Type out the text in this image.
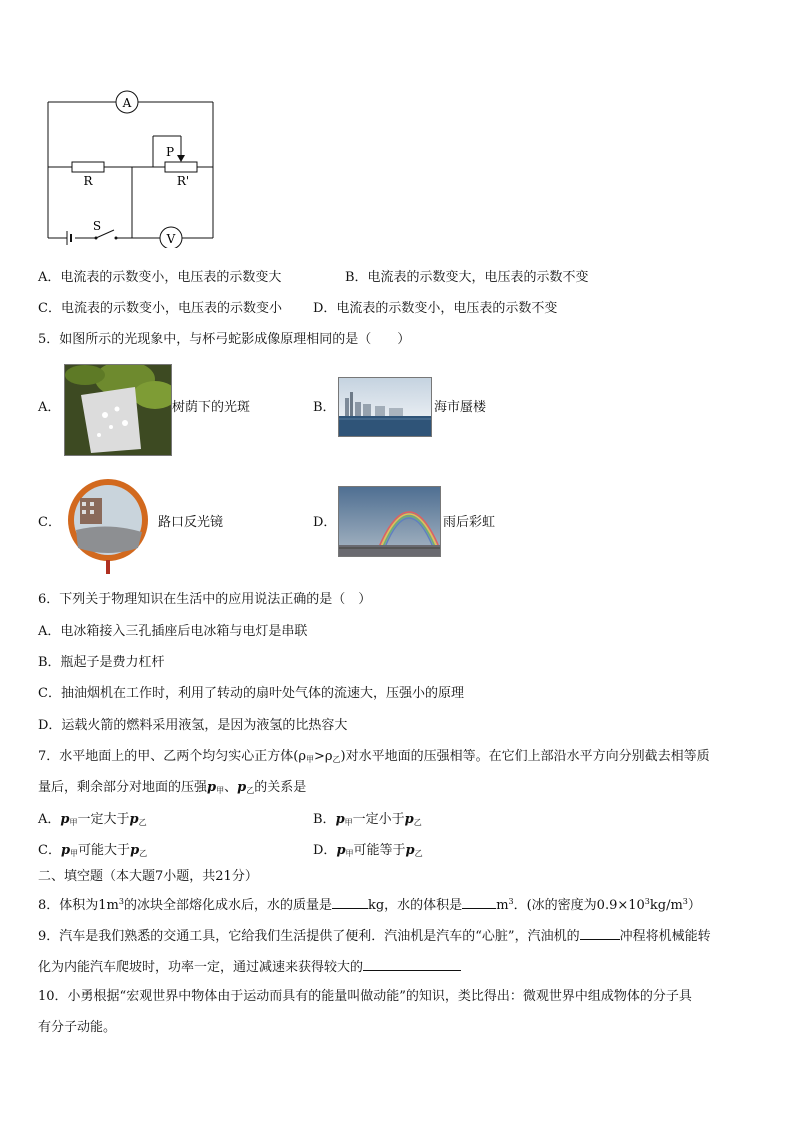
A
V
R	R'
P
S
A．电流表的示数变小，电压表的示数变大	B．电流表的示数变大，电压表的示数不变
C．电流表的示数变小，电压表的示数变小 D．电流表的示数变小，电压表的示数不变
5．如图所示的光现象中，与杯弓蛇影成像原理相同的是（　　）
A．	树荫下的光斑	B．	海市蜃楼
C．	路口反光镜	D．	雨后彩虹
6．下列关于物理知识在生活中的应用说法正确的是（　）
A．电冰箱接入三孔插座后电冰箱与电灯是串联
B．瓶起子是费力杠杆
C．抽油烟机在工作时，利用了转动的扇叶处气体的流速大，压强小的原理
D．运载火箭的燃料采用液氢，是因为液氢的比热容大
7．水平地面上的甲、乙两个均匀实心正方体$(\rho_甲>\rho_乙)$对水平地面的压强相等。在它们上部沿水平方向分别截去相等质
量后，剩余部分对地面的压强$p_甲$、$p_乙$的关系是
A．$p_甲$一定大于$p_乙$	B．$p_甲$一定小于$p_乙$
C．$p_甲$可能大于$p_乙$	D．$p_甲$可能等于$p_乙$
二、填空题（本大题7小题，共21分）
8．体积为$1m^3$的冰块全部熔化成水后，水的质量是	kg，水的体积是	$m^3$．(冰的密度为$0.9\times 10^3kg/m^3$）
9．汽车是我们熟悉的交通工具，它给我们生活提供了便利．汽油机是汽车的“心脏”，汽油机的	冲程将机械能转
化为内能汽车爬坡时，功率一定，通过减速来获得较大的
10．小勇根据“宏观世界中物体由于运动而具有的能量叫做动能”的知识，类比得出：微观世界中组成物体的分子具
有分子动能。
